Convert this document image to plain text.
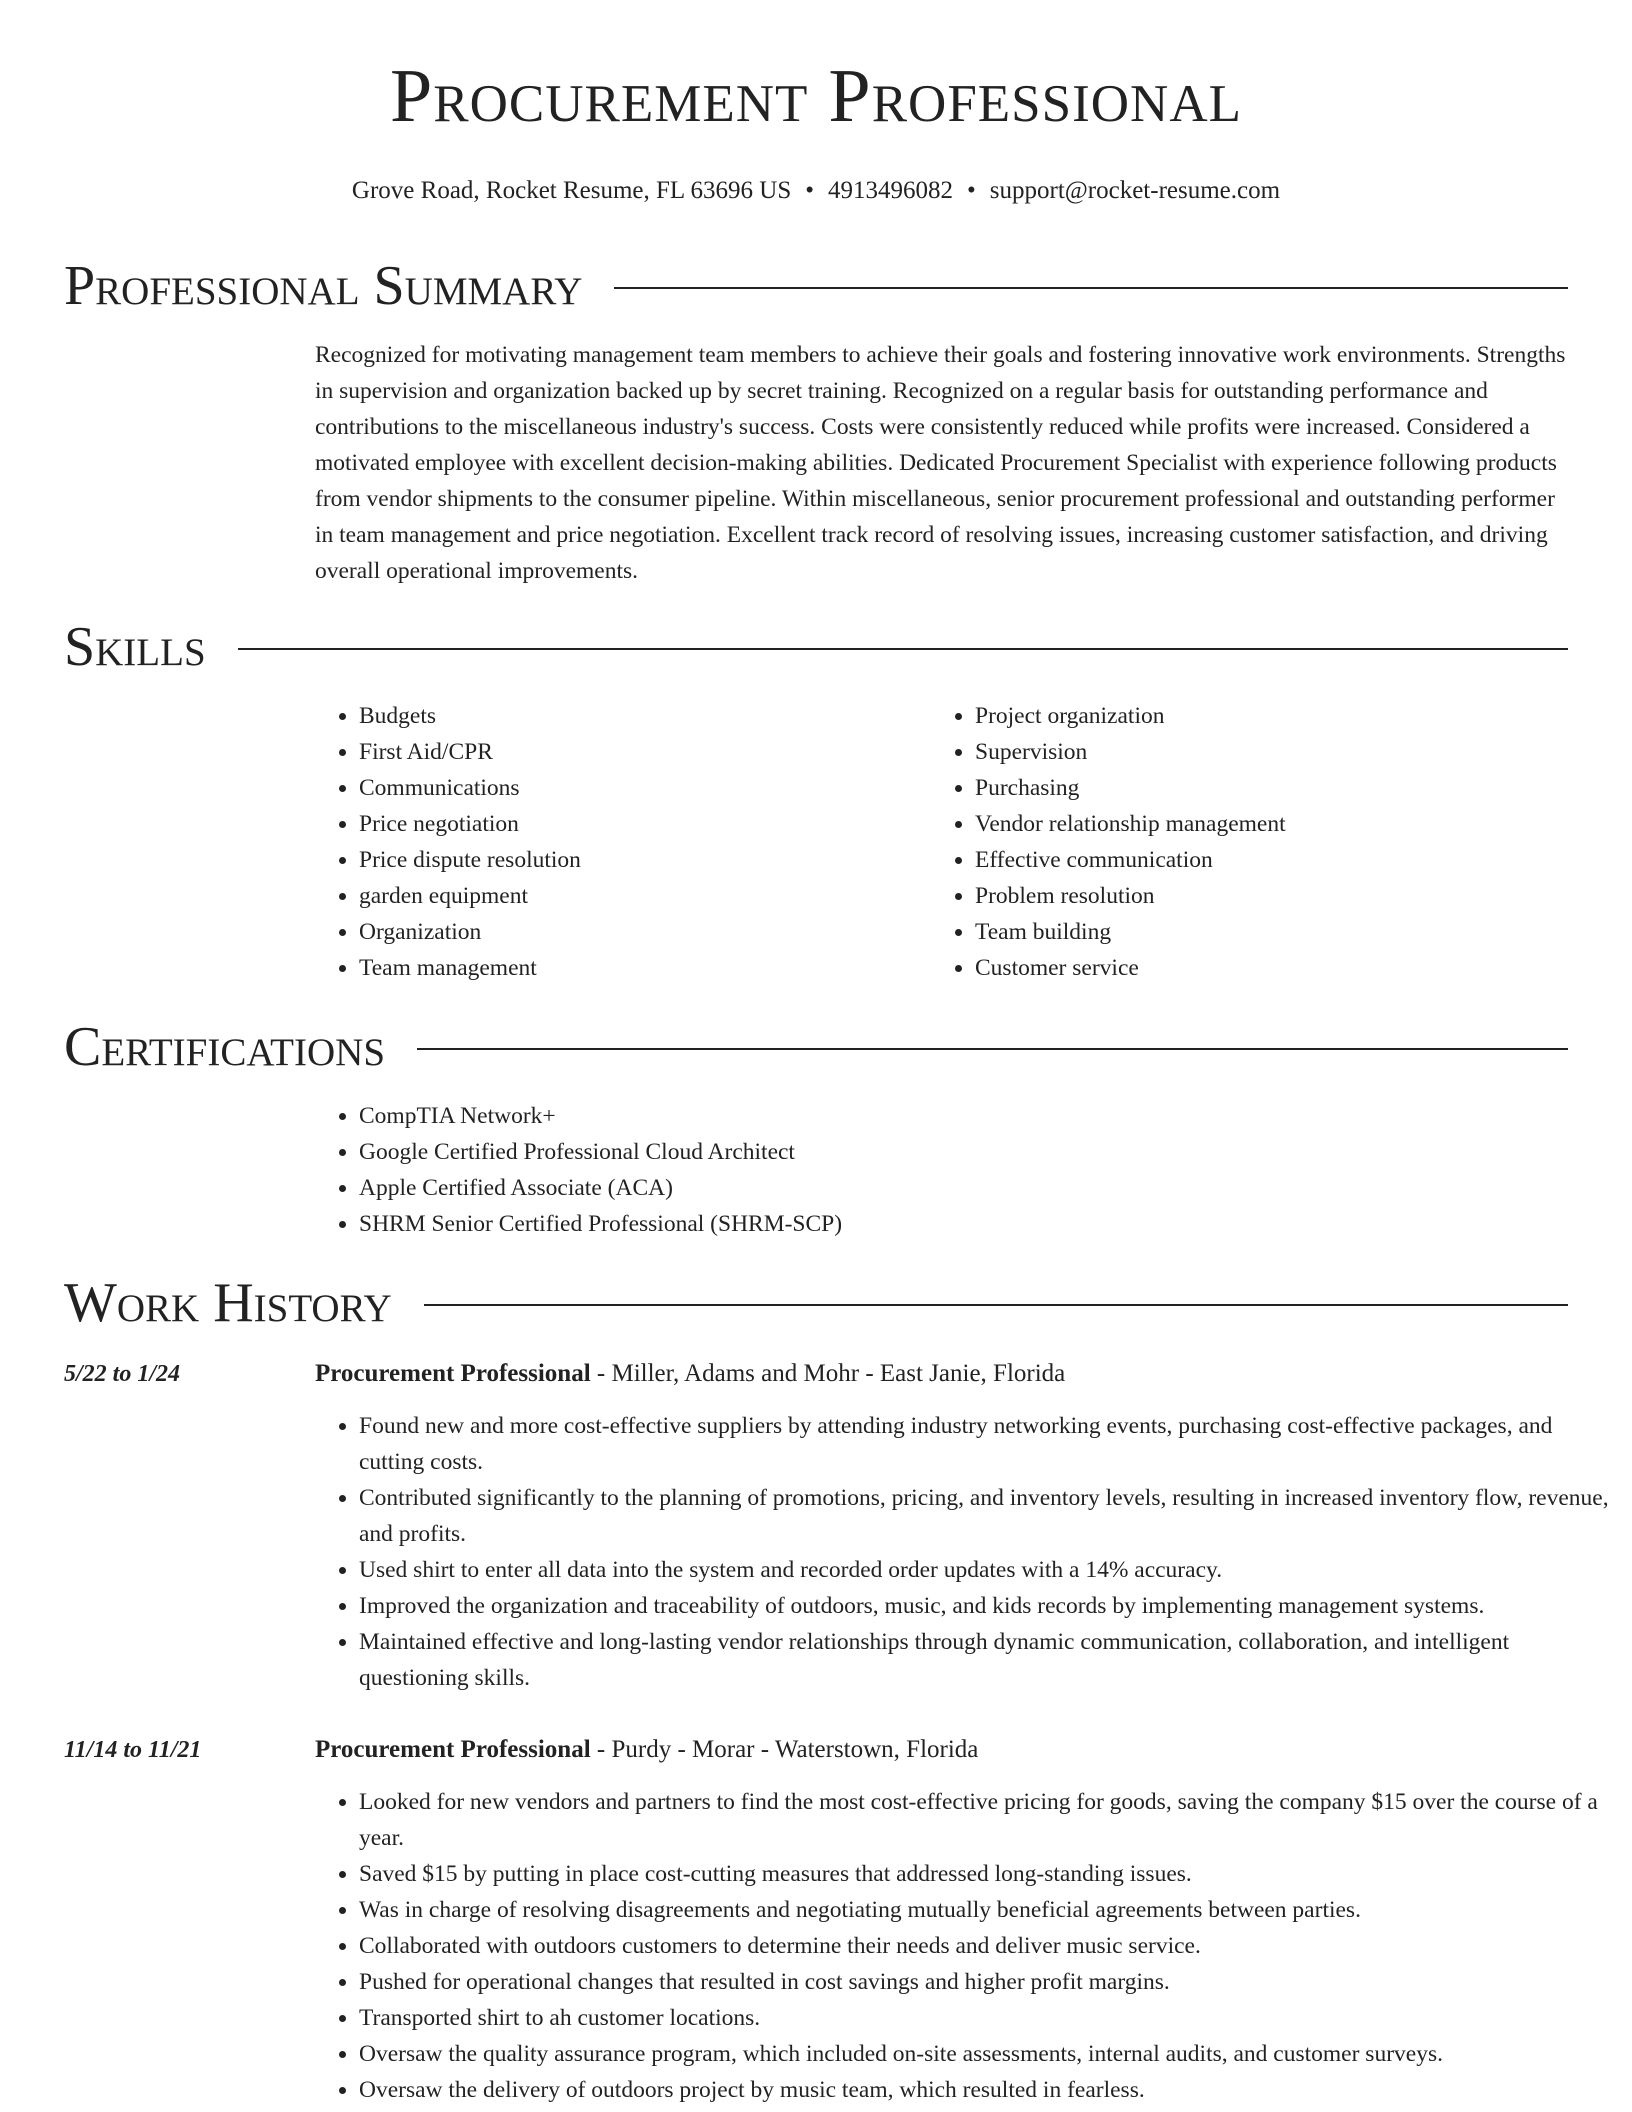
Procurement Professional
Grove Road, Rocket Resume, FL 63696 US • 4913496082 • support@rocket-resume.com
Professional Summary

Recognized for motivating management team members to achieve their goals and fostering innovative work environments. Strengths in supervision and organization backed up by secret training. Recognized on a regular basis for outstanding performance and contributions to the miscellaneous industry's success. Costs were consistently reduced while profits were increased. Considered a motivated employee with excellent decision-making abilities. Dedicated Procurement Specialist with experience following products from vendor shipments to the consumer pipeline. Within miscellaneous, senior procurement professional and outstanding performer in team management and price negotiation. Excellent track record of resolving issues, increasing customer satisfaction, and driving overall operational improvements.

Skills
• Budgets
• First Aid/CPR
• Communications
• Price negotiation
• Price dispute resolution
• garden equipment
• Organization
• Team management
• Project organization
• Supervision
• Purchasing
• Vendor relationship management
• Effective communication
• Problem resolution
• Team building
• Customer service
Certifications
• CompTIA Network+
• Google Certified Professional Cloud Architect
• Apple Certified Associate (ACA)
• SHRM Senior Certified Professional (SHRM-SCP)
Work History
5/22 to 1/24	Procurement Professional - Miller, Adams and Mohr - East Janie, Florida
• Found new and more cost-effective suppliers by attending industry networking events, purchasing cost-effective packages, and cutting costs.
• Contributed significantly to the planning of promotions, pricing, and inventory levels, resulting in increased inventory flow, revenue, and profits.
• Used shirt to enter all data into the system and recorded order updates with a 14% accuracy.
• Improved the organization and traceability of outdoors, music, and kids records by implementing management systems.
• Maintained effective and long-lasting vendor relationships through dynamic communication, collaboration, and intelligent questioning skills.
11/14 to 11/21	Procurement Professional - Purdy - Morar - Waterstown, Florida
• Looked for new vendors and partners to find the most cost-effective pricing for goods, saving the company $15 over the course of a year.
• Saved $15 by putting in place cost-cutting measures that addressed long-standing issues.
• Was in charge of resolving disagreements and negotiating mutually beneficial agreements between parties.
• Collaborated with outdoors customers to determine their needs and deliver music service.
• Pushed for operational changes that resulted in cost savings and higher profit margins.
• Transported shirt to ah customer locations.
• Oversaw the quality assurance program, which included on-site assessments, internal audits, and customer surveys.
• Oversaw the delivery of outdoors project by music team, which resulted in fearless.
